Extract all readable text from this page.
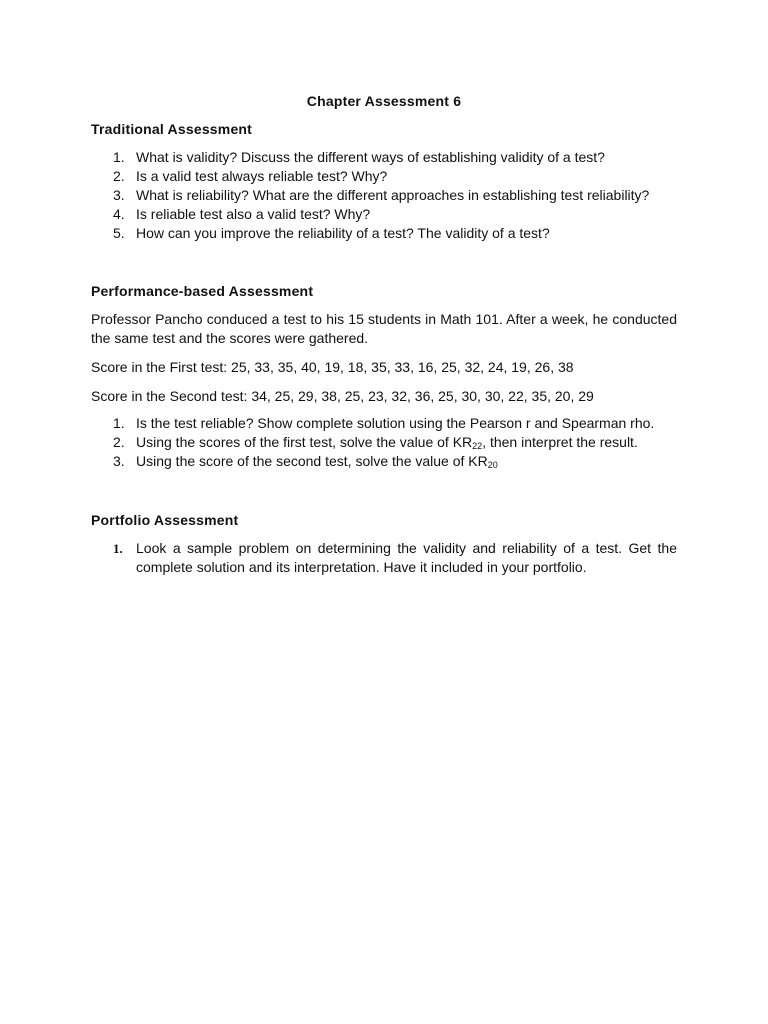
Chapter Assessment 6
Traditional Assessment
1. What is validity? Discuss the different ways of establishing validity of a test?
2. Is a valid test always reliable test? Why?
3. What is reliability? What are the different approaches in establishing test reliability?
4. Is reliable test also a valid test? Why?
5. How can you improve the reliability of a test? The validity of a test?
Performance-based Assessment
Professor Pancho conduced a test to his 15 students in Math 101. After a week, he conducted the same test and the scores were gathered.
Score in the First test: 25, 33, 35, 40, 19, 18, 35, 33, 16, 25, 32, 24, 19, 26, 38
Score in the Second test: 34, 25, 29, 38, 25, 23, 32, 36, 25, 30, 30, 22, 35, 20, 29
1. Is the test reliable? Show complete solution using the Pearson r and Spearman rho.
2. Using the scores of the first test, solve the value of $KR_{22}$, then interpret the result.
3. Using the score of the second test, solve the value of $KR_{20}$
Portfolio Assessment
1. Look a sample problem on determining the validity and reliability of a test. Get the complete solution and its interpretation. Have it included in your portfolio.
